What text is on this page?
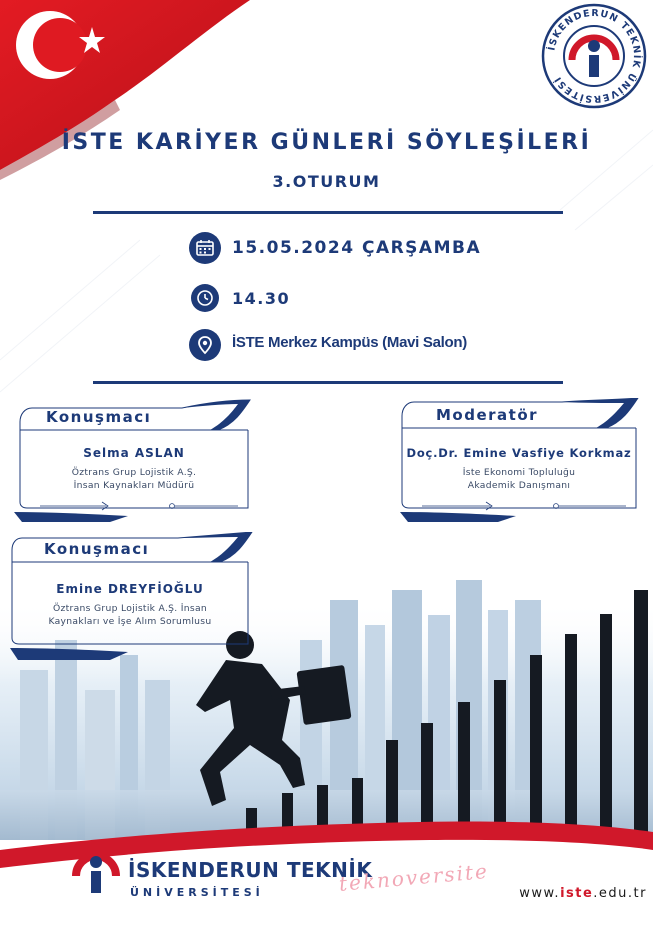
İSKENDERUN TEKNİK ÜNİVERSİTESİ
İSTE KARİYER GÜNLERİ SÖYLEŞİLERİ
3.OTURUM
15.05.2024 ÇARŞAMBA
14.30
İSTE Merkez Kampüs (Mavi Salon)
Konuşmacı
Selma ASLAN
Öztrans Grup Lojistik A.Ş.
İnsan Kaynakları Müdürü
Moderatör
Doç.Dr. Emine Vasfiye Korkmaz
İste Ekonomi Topluluğu
Akademik Danışmanı
Konuşmacı
Emine DREYFİOĞLU
Öztrans Grup Lojistik A.Ş. İnsan
Kaynakları ve İşe Alım Sorumlusu
İSKENDERUN TEKNİK
ÜNİVERSİTESİ	teknoversite www.iste.edu.tr
